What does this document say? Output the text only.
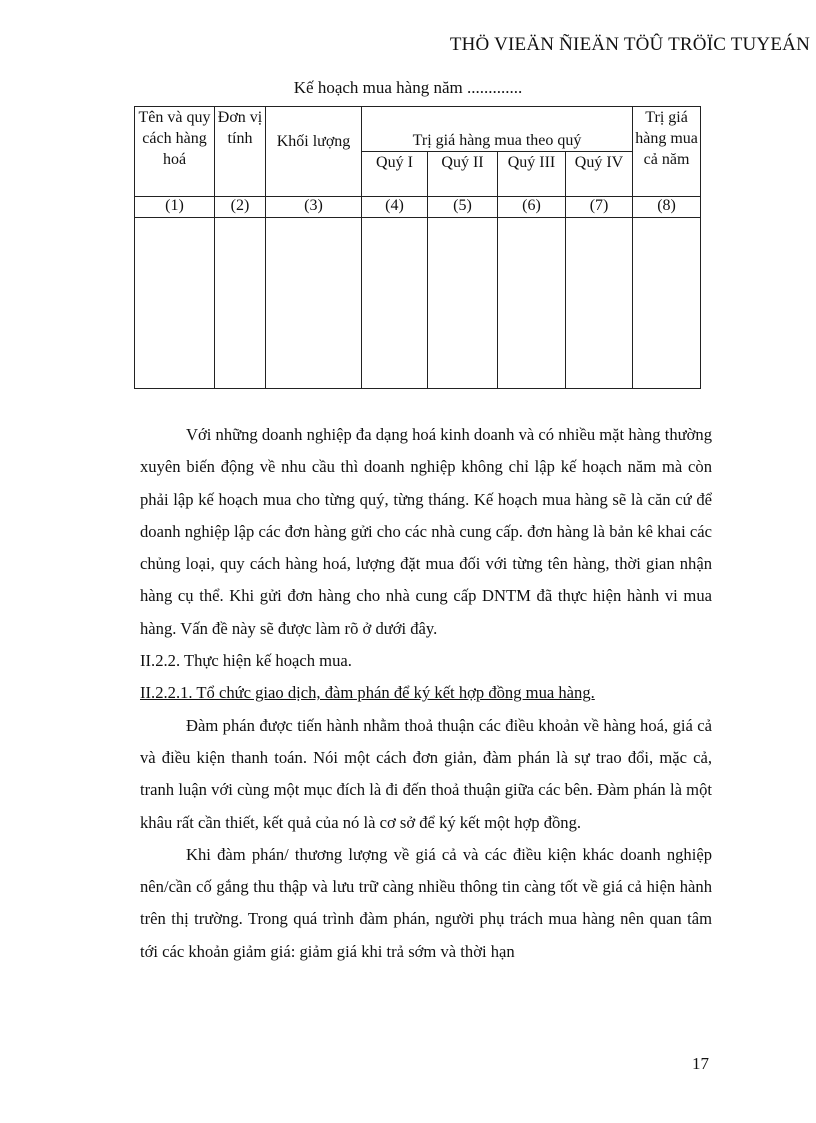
THÖ VIEÄN ÑIEÄN TÖÛ TRÖÏC TUYEÁN
Kế hoạch mua hàng năm .............
Tên và quy cách hàng hoá	Đơn vị tính	Khối lượng	Trị giá hàng mua theo quý				Trị giá hàng mua cả năm
			Quý I	Quý II	Quý III	Quý IV	
(1)	(2)	(3)	(4)	(5)	(6)	(7)	(8)

Với những doanh nghiệp đa dạng hoá kinh doanh và có nhiều mặt hàng thường xuyên biến động về nhu cầu thì doanh nghiệp không chỉ lập kế hoạch năm mà còn phải lập kế hoạch mua cho từng quý, từng tháng. Kế hoạch mua hàng sẽ là căn cứ để doanh nghiệp lập các đơn hàng gửi cho các nhà cung cấp. đơn hàng là bản kê khai các chủng loại, quy cách hàng hoá, lượng đặt mua đối với từng tên hàng, thời gian nhận hàng cụ thể. Khi gửi đơn hàng cho nhà cung cấp DNTM đã thực hiện hành vi mua hàng. Vấn đề này sẽ được làm rõ ở dưới đây.

II.2.2. Thực hiện kế hoạch mua.

II.2.2.1. Tổ chức giao dịch, đàm phán để ký kết hợp đồng mua hàng.

Đàm phán được tiến hành nhằm thoả thuận các điều khoản về hàng hoá, giá cả và điều kiện thanh toán. Nói một cách đơn giản, đàm phán là sự trao đổi, mặc cả, tranh luận với cùng một mục đích là đi đến thoả thuận giữa các bên. Đàm phán là một khâu rất cần thiết, kết quả của nó là cơ sở để ký kết một hợp đồng.

Khi đàm phán/ thương lượng về giá cả và các điều kiện khác doanh nghiệp nên/cần cố gắng thu thập và lưu trữ càng nhiều thông tin càng tốt về giá cả hiện hành trên thị trường. Trong quá trình đàm phán, người phụ trách mua hàng nên quan tâm tới các khoản giảm giá: giảm giá khi trả sớm và thời hạn

17
